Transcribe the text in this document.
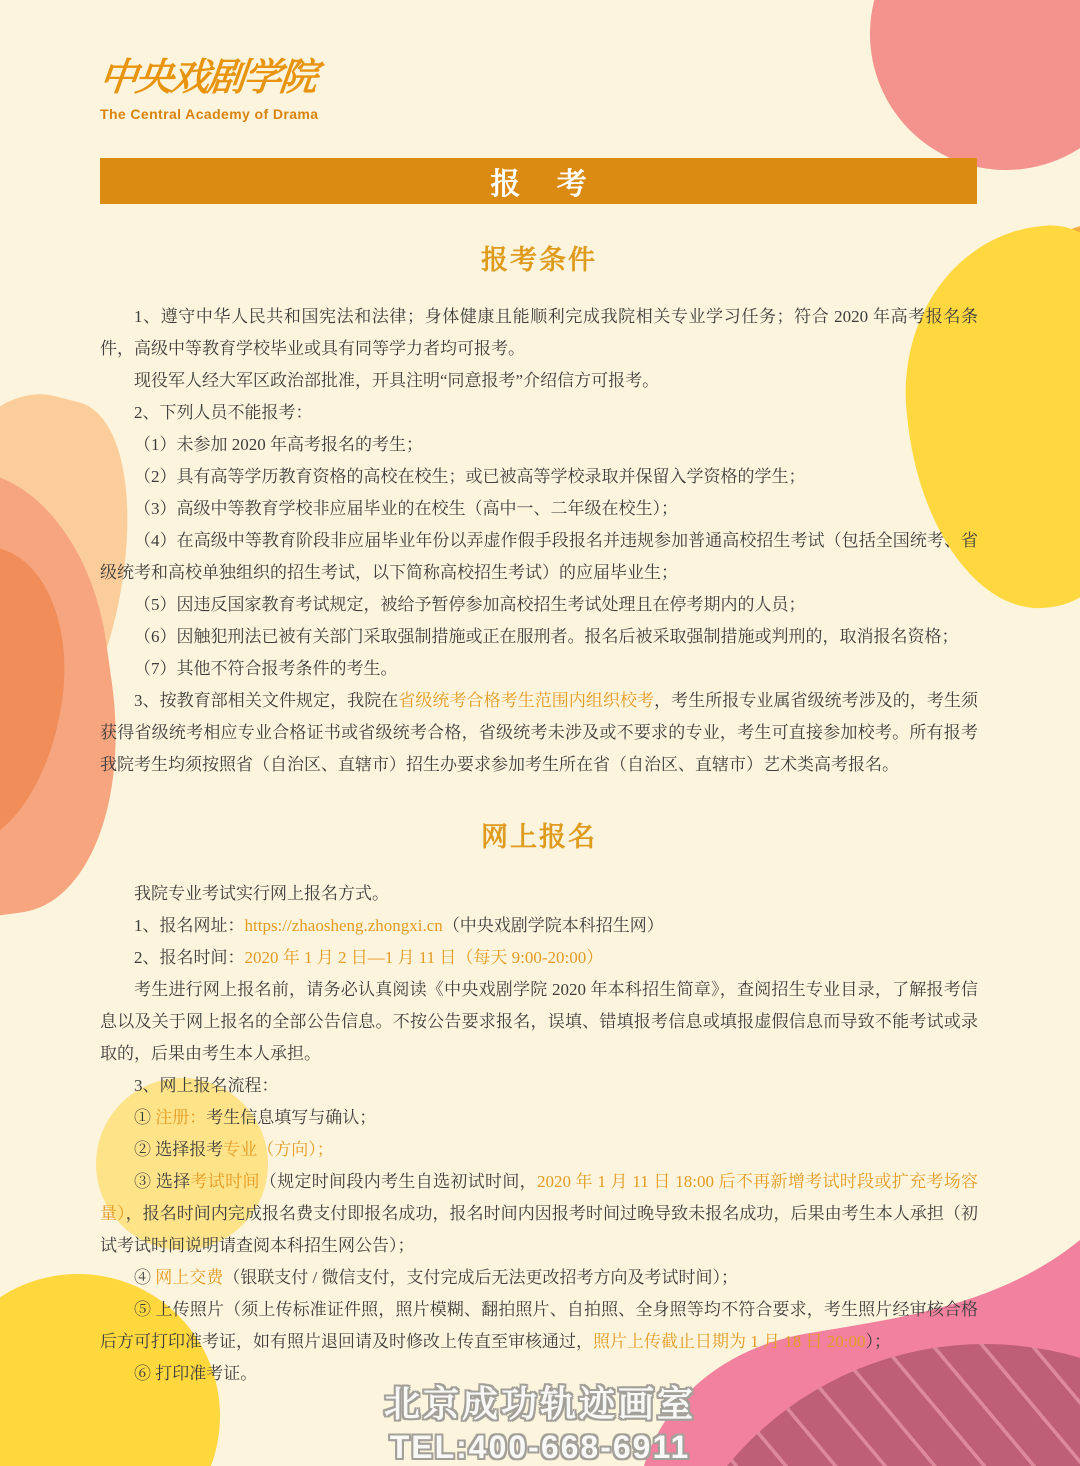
中央戏剧学院
The Central Academy of Drama
报 考
报考条件

1、遵守中华人民共和国宪法和法律；身体健康且能顺利完成我院相关专业学习任务；符合 2020 年高考报名条件，高级中等教育学校毕业或具有同等学力者均可报考。

现役军人经大军区政治部批准，开具注明“同意报考”介绍信方可报考。

2、下列人员不能报考：

（1）未参加 2020 年高考报名的考生；

（2）具有高等学历教育资格的高校在校生；或已被高等学校录取并保留入学资格的学生；

（3）高级中等教育学校非应届毕业的在校生（高中一、二年级在校生）；

（4）在高级中等教育阶段非应届毕业年份以弄虚作假手段报名并违规参加普通高校招生考试（包括全国统考、省级统考和高校单独组织的招生考试，以下简称高校招生考试）的应届毕业生；

（5）因违反国家教育考试规定，被给予暂停参加高校招生考试处理且在停考期内的人员；

（6）因触犯刑法已被有关部门采取强制措施或正在服刑者。报名后被采取强制措施或判刑的，取消报名资格；

（7）其他不符合报考条件的考生。

3、按教育部相关文件规定，我院在省级统考合格考生范围内组织校考，考生所报专业属省级统考涉及的，考生须获得省级统考相应专业合格证书或省级统考合格，省级统考未涉及或不要求的专业，考生可直接参加校考。所有报考我院考生均须按照省（自治区、直辖市）招生办要求参加考生所在省（自治区、直辖市）艺术类高考报名。

网上报名

我院专业考试实行网上报名方式。

1、报名网址：https://zhaosheng.zhongxi.cn（中央戏剧学院本科招生网）

2、报名时间：2020 年 1 月 2 日—1 月 11 日（每天 9:00-20:00）

考生进行网上报名前，请务必认真阅读《中央戏剧学院 2020 年本科招生简章》，查阅招生专业目录，了解报考信息以及关于网上报名的全部公告信息。不按公告要求报名，误填、错填报考信息或填报虚假信息而导致不能考试或录取的，后果由考生本人承担。

3、网上报名流程：

① 注册：考生信息填写与确认；

② 选择报考专业（方向）；

③ 选择考试时间（规定时间段内考生自选初试时间，2020 年 1 月 11 日 18:00 后不再新增考试时段或扩充考场容量），报名时间内完成报名费支付即报名成功，报名时间内因报考时间过晚导致未报名成功，后果由考生本人承担（初试考试时间说明请查阅本科招生网公告）；

④ 网上交费（银联支付 / 微信支付，支付完成后无法更改招考方向及考试时间）；

⑤ 上传照片（须上传标准证件照，照片模糊、翻拍照片、自拍照、全身照等均不符合要求，考生照片经审核合格后方可打印准考证，如有照片退回请及时修改上传直至审核通过，照片上传截止日期为 1 月 18 日 20:00）；

⑥ 打印准考证。

北京成功轨迹画室
TEL:400-668-6911
